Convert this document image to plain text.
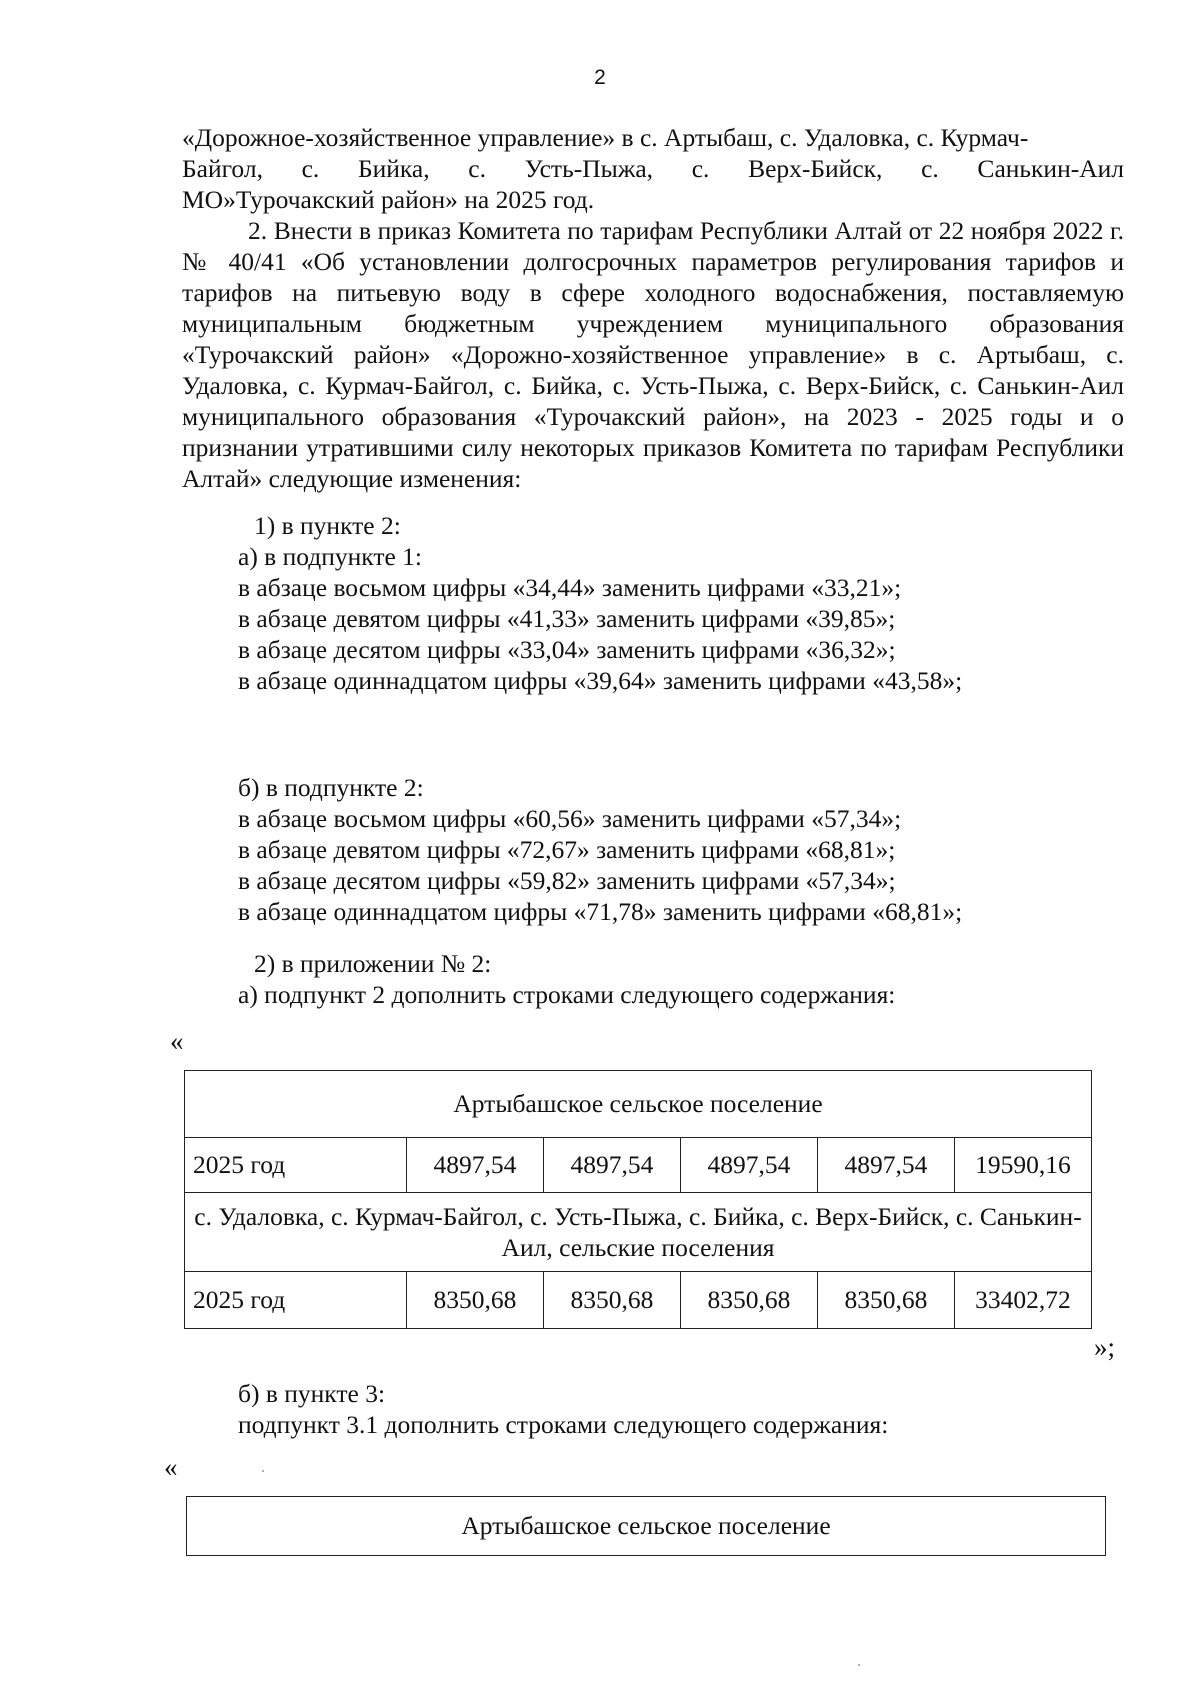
2

«Дорожное-хозяйственное управление» в с. Артыбаш, с. Удаловка, с. Курмач-

Байгол, с. Бийка, с. Усть-Пыжа, с. Верх-Бийск, с. Санькин-Аил

МО»Турочакский район» на 2025 год.

2. Внести в приказ Комитета по тарифам Республики Алтай от 22 ноября 2022 г. № 40/41 «Об установлении долгосрочных параметров регулирования тарифов и тарифов на питьевую воду в сфере холодного водоснабжения, поставляемую муниципальным бюджетным учреждением муниципального образования «Турочакский район» «Дорожно-хозяйственное управление» в с. Артыбаш, с. Удаловка, с. Курмач-Байгол, с. Бийка, с. Усть-Пыжа, с. Верх-Бийск, с. Санькин-Аил муниципального образования «Турочакский район», на 2023 - 2025 годы и о признании утратившими силу некоторых приказов Комитета по тарифам Республики Алтай» следующие изменения:

1) в пункте 2:
а) в подпункте 1:
в абзаце восьмом цифры «34,44» заменить цифрами «33,21»;
в абзаце девятом цифры «41,33» заменить цифрами «39,85»;
в абзаце десятом цифры «33,04» заменить цифрами «36,32»;
в абзаце одиннадцатом цифры «39,64» заменить цифрами «43,58»;
б) в подпункте 2:
в абзаце восьмом цифры «60,56» заменить цифрами «57,34»;
в абзаце девятом цифры «72,67» заменить цифрами «68,81»;
в абзаце десятом цифры «59,82» заменить цифрами «57,34»;
в абзаце одиннадцатом цифры «71,78» заменить цифрами «68,81»;
2) в приложении № 2:
а) подпункт 2 дополнить строками следующего содержания:
«
Артыбашское сельское поселение					
2025 год	4897,54	4897,54	4897,54	4897,54	19590,16
с. Удаловка, с. Курмач-Байгол, с. Усть-Пыжа, с. Бийка, с. Верх-Бийск, с. Санькин-Аил, сельские поселения					
2025 год	8350,68	8350,68	8350,68	8350,68	33402,72
»;
б) в пункте 3:
подпункт 3.1 дополнить строками следующего содержания:
«
Артыбашское сельское поселение
